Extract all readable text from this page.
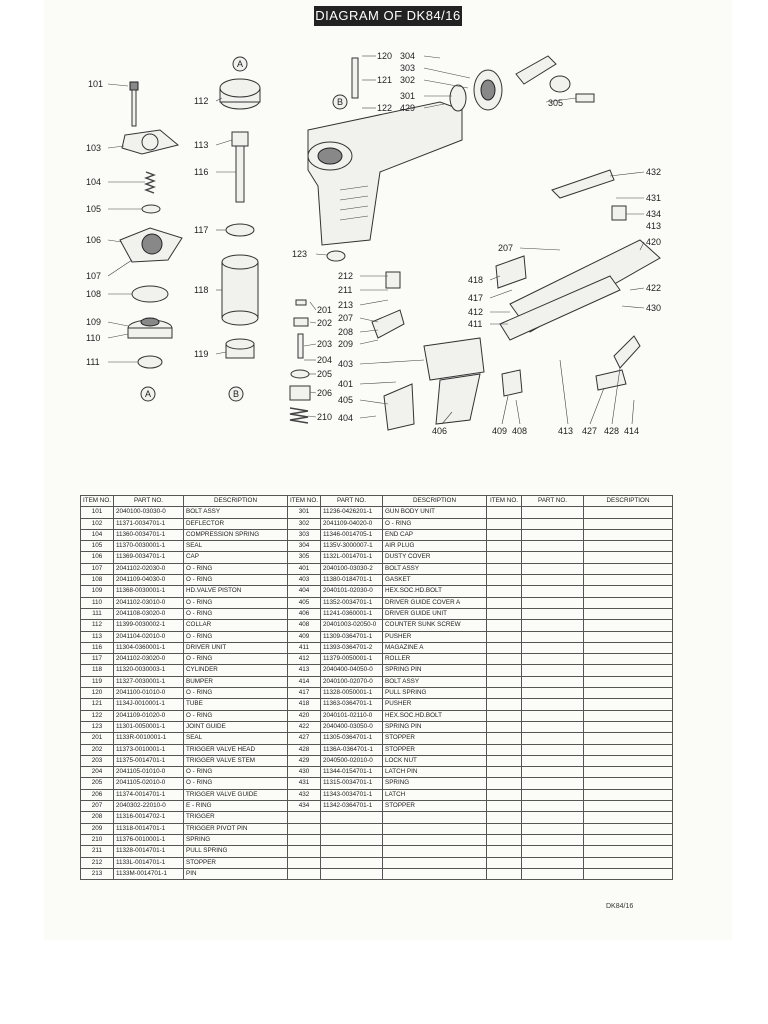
DIAGRAM OF DK84/16
101
103
104
105
106
107
108
109
110
111
112
113
116
117
118
119
120
121
122
123
201
202
203
204
205
206
210
212
211
213
207
208
209
304
303
302
301
429	305
403
401
405
404
406
432
431
434
413
420
422
430
207
418
417
412
411
409 408	413 427 428 414
A
A
B
B
ITEM NO.	PART NO.	DESCRIPTION	ITEM NO.	PART NO.	DESCRIPTION	ITEM NO.	PART NO.	DESCRIPTION
101	2040100-03030-0	BOLT ASSY	301	11236-0426201-1	GUN BODY UNIT			
102	11371-0034701-1	DEFLECTOR	302	2041109-04020-0	O - RING			
104	11360-0034701-1	COMPRESSION SPRING	303	11346-0014705-1	END CAP			
105	11370-0030001-1	SEAL	304	1135V-3000007-1	AIR PLUG			
106	11369-0034701-1	CAP	305	1132L-0014701-1	DUSTY COVER			
107	2041102-02030-0	O - RING	401	2040100-03030-2	BOLT ASSY			
108	2041109-04030-0	O - RING	403	11380-0184701-1	GASKET			
109	11368-0030001-1	HD.VALVE PISTON	404	2040101-02030-0	HEX.SOC.HD.BOLT			
110	2041102-03010-0	O - RING	405	11352-0034701-1	DRIVER GUIDE COVER A			
111	2041108-03020-0	O - RING	406	11241-0360001-1	DRIVER GUIDE UNIT			
112	11399-0030002-1	COLLAR	408	20401003-02050-0	COUNTER SUNK SCREW			
113	2041104-02010-0	O - RING	409	11309-0364701-1	PUSHER			
116	11304-0360001-1	DRIVER UNIT	411	11393-0364701-2	MAGAZINE A			
117	2041102-03020-0	O - RING	412	11379-0050001-1	ROLLER			
118	11320-0030003-1	CYLINDER	413	2040400-04050-0	SPRING PIN			
119	11327-0030001-1	BUMPER	414	2040100-02070-0	BOLT ASSY			
120	2041100-01010-0	O - RING	417	11328-0050001-1	PULL SPRING			
121	1134J-0010001-1	TUBE	418	11363-0364701-1	PUSHER			
122	2041109-01020-0	O - RING	420	2040101-02110-0	HEX.SOC.HD.BOLT			
123	11301-0050001-1	JOINT GUIDE	422	2040400-03050-0	SPRING PIN			
201	1133R-0010001-1	SEAL	427	11305-0364701-1	STOPPER			
202	11373-0010001-1	TRIGGER VALVE HEAD	428	1136A-0364701-1	STOPPER			
203	11375-0014701-1	TRIGGER VALVE STEM	429	2040500-02010-0	LOCK NUT			
204	2041105-01010-0	O - RING	430	11344-0154701-1	LATCH PIN			
205	2041105-02010-0	O - RING	431	11315-0034701-1	SPRING			
206	11374-0014701-1	TRIGGER VALVE GUIDE	432	11343-0034701-1	LATCH			
207	2040302-22010-0	E - RING	434	11342-0364701-1	STOPPER			
208	11316-0014702-1	TRIGGER						
209	11318-0014701-1	TRIGGER PIVOT PIN						
210	11376-0010001-1	SPRING						
211	11328-0014701-1	PULL SPRING						
212	1133L-0014701-1	STOPPER						
213	1133M-0014701-1	PIN						
DK84/16
